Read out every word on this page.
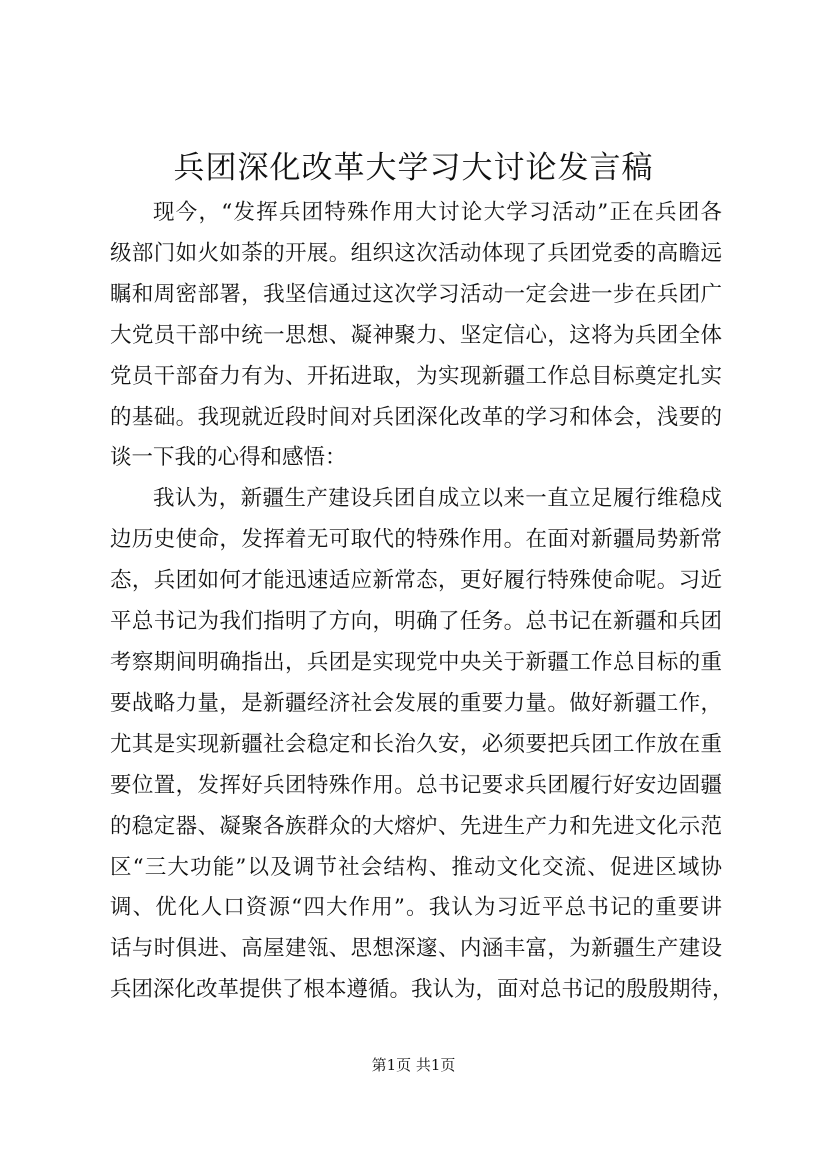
兵团深化改革大学习大讨论发言稿

现今，“发挥兵团特殊作用大讨论大学习活动”正在兵团各
级部门如火如荼的开展。组织这次活动体现了兵团党委的高瞻远
瞩和周密部署，我坚信通过这次学习活动一定会进一步在兵团广
大党员干部中统一思想、凝神聚力、坚定信心，这将为兵团全体
党员干部奋力有为、开拓进取，为实现新疆工作总目标奠定扎实
的基础。我现就近段时间对兵团深化改革的学习和体会，浅要的
谈一下我的心得和感悟：

我认为，新疆生产建设兵团自成立以来一直立足履行维稳戍
边历史使命，发挥着无可取代的特殊作用。在面对新疆局势新常
态，兵团如何才能迅速适应新常态，更好履行特殊使命呢。习近
平总书记为我们指明了方向，明确了任务。总书记在新疆和兵团
考察期间明确指出，兵团是实现党中央关于新疆工作总目标的重
要战略力量，是新疆经济社会发展的重要力量。做好新疆工作，
尤其是实现新疆社会稳定和长治久安，必须要把兵团工作放在重
要位置，发挥好兵团特殊作用。总书记要求兵团履行好安边固疆
的稳定器、凝聚各族群众的大熔炉、先进生产力和先进文化示范
区“三大功能”以及调节社会结构、推动文化交流、促进区域协
调、优化人口资源“四大作用”。我认为习近平总书记的重要讲
话与时俱进、高屋建瓴、思想深邃、内涵丰富，为新疆生产建设
兵团深化改革提供了根本遵循。我认为，面对总书记的殷殷期待，

第1页 共1页
